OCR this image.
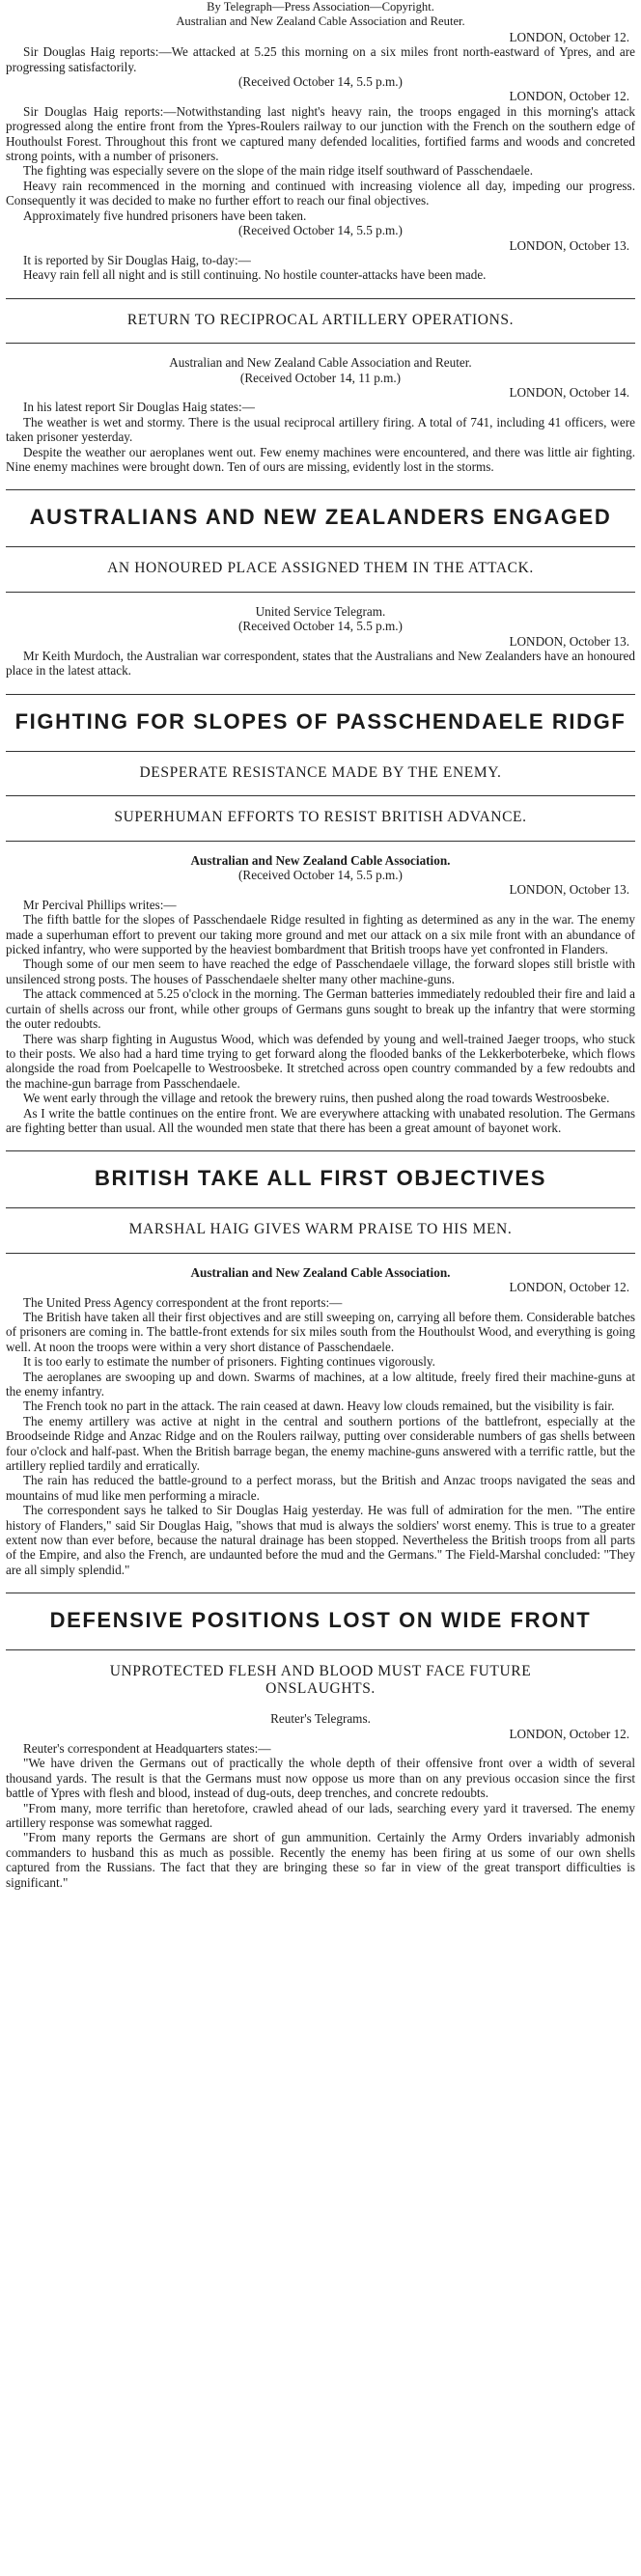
By Telegraph—Press Association—Copyright.
Australian and New Zealand Cable Association and Reuter.
LONDON, October 12.

Sir Douglas Haig reports:—We attacked at 5.25 this morning on a six miles front north-eastward of Ypres, and are progressing satisfactorily.

(Received October 14, 5.5 p.m.)
LONDON, October 12.

Sir Douglas Haig reports:—Notwithstanding last night's heavy rain, the troops engaged in this morning's attack progressed along the entire front from the Ypres-Roulers railway to our junction with the French on the southern edge of Houthoulst Forest. Throughout this front we captured many defended localities, fortified farms and woods and concreted strong points, with a number of prisoners.

The fighting was especially severe on the slope of the main ridge itself southward of Passchendaele.

Heavy rain recommenced in the morning and continued with increasing violence all day, impeding our progress. Consequently it was decided to make no further effort to reach our final objectives.

Approximately five hundred prisoners have been taken.

(Received October 14, 5.5 p.m.)
LONDON, October 13.

It is reported by Sir Douglas Haig, to-day:—

Heavy rain fell all night and is still continuing. No hostile counter-attacks have been made.

RETURN TO RECIPROCAL ARTILLERY OPERATIONS.
Australian and New Zealand Cable Association and Reuter.
(Received October 14, 11 p.m.)
LONDON, October 14.

In his latest report Sir Douglas Haig states:—

The weather is wet and stormy. There is the usual reciprocal artillery firing. A total of 741, including 41 officers, were taken prisoner yesterday.

Despite the weather our aeroplanes went out. Few enemy machines were encountered, and there was little air fighting. Nine enemy machines were brought down. Ten of ours are missing, evidently lost in the storms.

AUSTRALIANS AND NEW ZEALANDERS ENGAGED
AN HONOURED PLACE ASSIGNED THEM IN THE ATTACK.
United Service Telegram.
(Received October 14, 5.5 p.m.)
LONDON, October 13.

Mr Keith Murdoch, the Australian war correspondent, states that the Australians and New Zealanders have an honoured place in the latest attack.

FIGHTING FOR SLOPES OF PASSCHENDAELE RIDGF
DESPERATE RESISTANCE MADE BY THE ENEMY.
SUPERHUMAN EFFORTS TO RESIST BRITISH ADVANCE.
Australian and New Zealand Cable Association.
(Received October 14, 5.5 p.m.)
LONDON, October 13.

Mr Percival Phillips writes:—

The fifth battle for the slopes of Passchendaele Ridge resulted in fighting as determined as any in the war. The enemy made a superhuman effort to prevent our taking more ground and met our attack on a six mile front with an abundance of picked infantry, who were supported by the heaviest bombardment that British troops have yet confronted in Flanders.

Though some of our men seem to have reached the edge of Passchendaele village, the forward slopes still bristle with unsilenced strong posts. The houses of Passchendaele shelter many other machine-guns.

The attack commenced at 5.25 o'clock in the morning. The German batteries immediately redoubled their fire and laid a curtain of shells across our front, while other groups of Germans guns sought to break up the infantry that were storming the outer redoubts.

There was sharp fighting in Augustus Wood, which was defended by young and well-trained Jaeger troops, who stuck to their posts. We also had a hard time trying to get forward along the flooded banks of the Lekkerboterbeke, which flows alongside the road from Poelcapelle to Westroosbeke. It stretched across open country commanded by a few redoubts and the machine-gun barrage from Passchendaele.

We went early through the village and retook the brewery ruins, then pushed along the road towards Westroosbeke.

As I write the battle continues on the entire front. We are everywhere attacking with unabated resolution. The Germans are fighting better than usual. All the wounded men state that there has been a great amount of bayonet work.

BRITISH TAKE ALL FIRST OBJECTIVES
MARSHAL HAIG GIVES WARM PRAISE TO HIS MEN.
Australian and New Zealand Cable Association.
LONDON, October 12.

The United Press Agency correspondent at the front reports:—

The British have taken all their first objectives and are still sweeping on, carrying all before them. Considerable batches of prisoners are coming in. The battle-front extends for six miles south from the Houthoulst Wood, and everything is going well. At noon the troops were within a very short distance of Passchendaele.

It is too early to estimate the number of prisoners. Fighting continues vigorously.

The aeroplanes are swooping up and down. Swarms of machines, at a low altitude, freely fired their machine-guns at the enemy infantry.

The French took no part in the attack. The rain ceased at dawn. Heavy low clouds remained, but the visibility is fair.

The enemy artillery was active at night in the central and southern portions of the battlefront, especially at the Broodseinde Ridge and Anzac Ridge and on the Roulers railway, putting over considerable numbers of gas shells between four o'clock and half-past. When the British barrage began, the enemy machine-guns answered with a terrific rattle, but the artillery replied tardily and erratically.

The rain has reduced the battle-ground to a perfect morass, but the British and Anzac troops navigated the seas and mountains of mud like men performing a miracle.

The correspondent says he talked to Sir Douglas Haig yesterday. He was full of admiration for the men. "The entire history of Flanders," said Sir Douglas Haig, "shows that mud is always the soldiers' worst enemy. This is true to a greater extent now than ever before, because the natural drainage has been stopped. Nevertheless the British troops from all parts of the Empire, and also the French, are undaunted before the mud and the Germans." The Field-Marshal concluded: "They are all simply splendid."

DEFENSIVE POSITIONS LOST ON WIDE FRONT
UNPROTECTED FLESH AND BLOOD MUST FACE FUTURE
ONSLAUGHTS.
Reuter's Telegrams.
LONDON, October 12.

Reuter's correspondent at Headquarters states:—

"We have driven the Germans out of practically the whole depth of their offensive front over a width of several thousand yards. The result is that the Germans must now oppose us more than on any previous occasion since the first battle of Ypres with flesh and blood, instead of dug-outs, deep trenches, and concrete redoubts.

"From many, more terrific than heretofore, crawled ahead of our lads, searching every yard it traversed. The enemy artillery response was somewhat ragged.

"From many reports the Germans are short of gun ammunition. Certainly the Army Orders invariably admonish commanders to husband this as much as possible. Recently the enemy has been firing at us some of our own shells captured from the Russians. The fact that they are bringing these so far in view of the great transport difficulties is significant."
